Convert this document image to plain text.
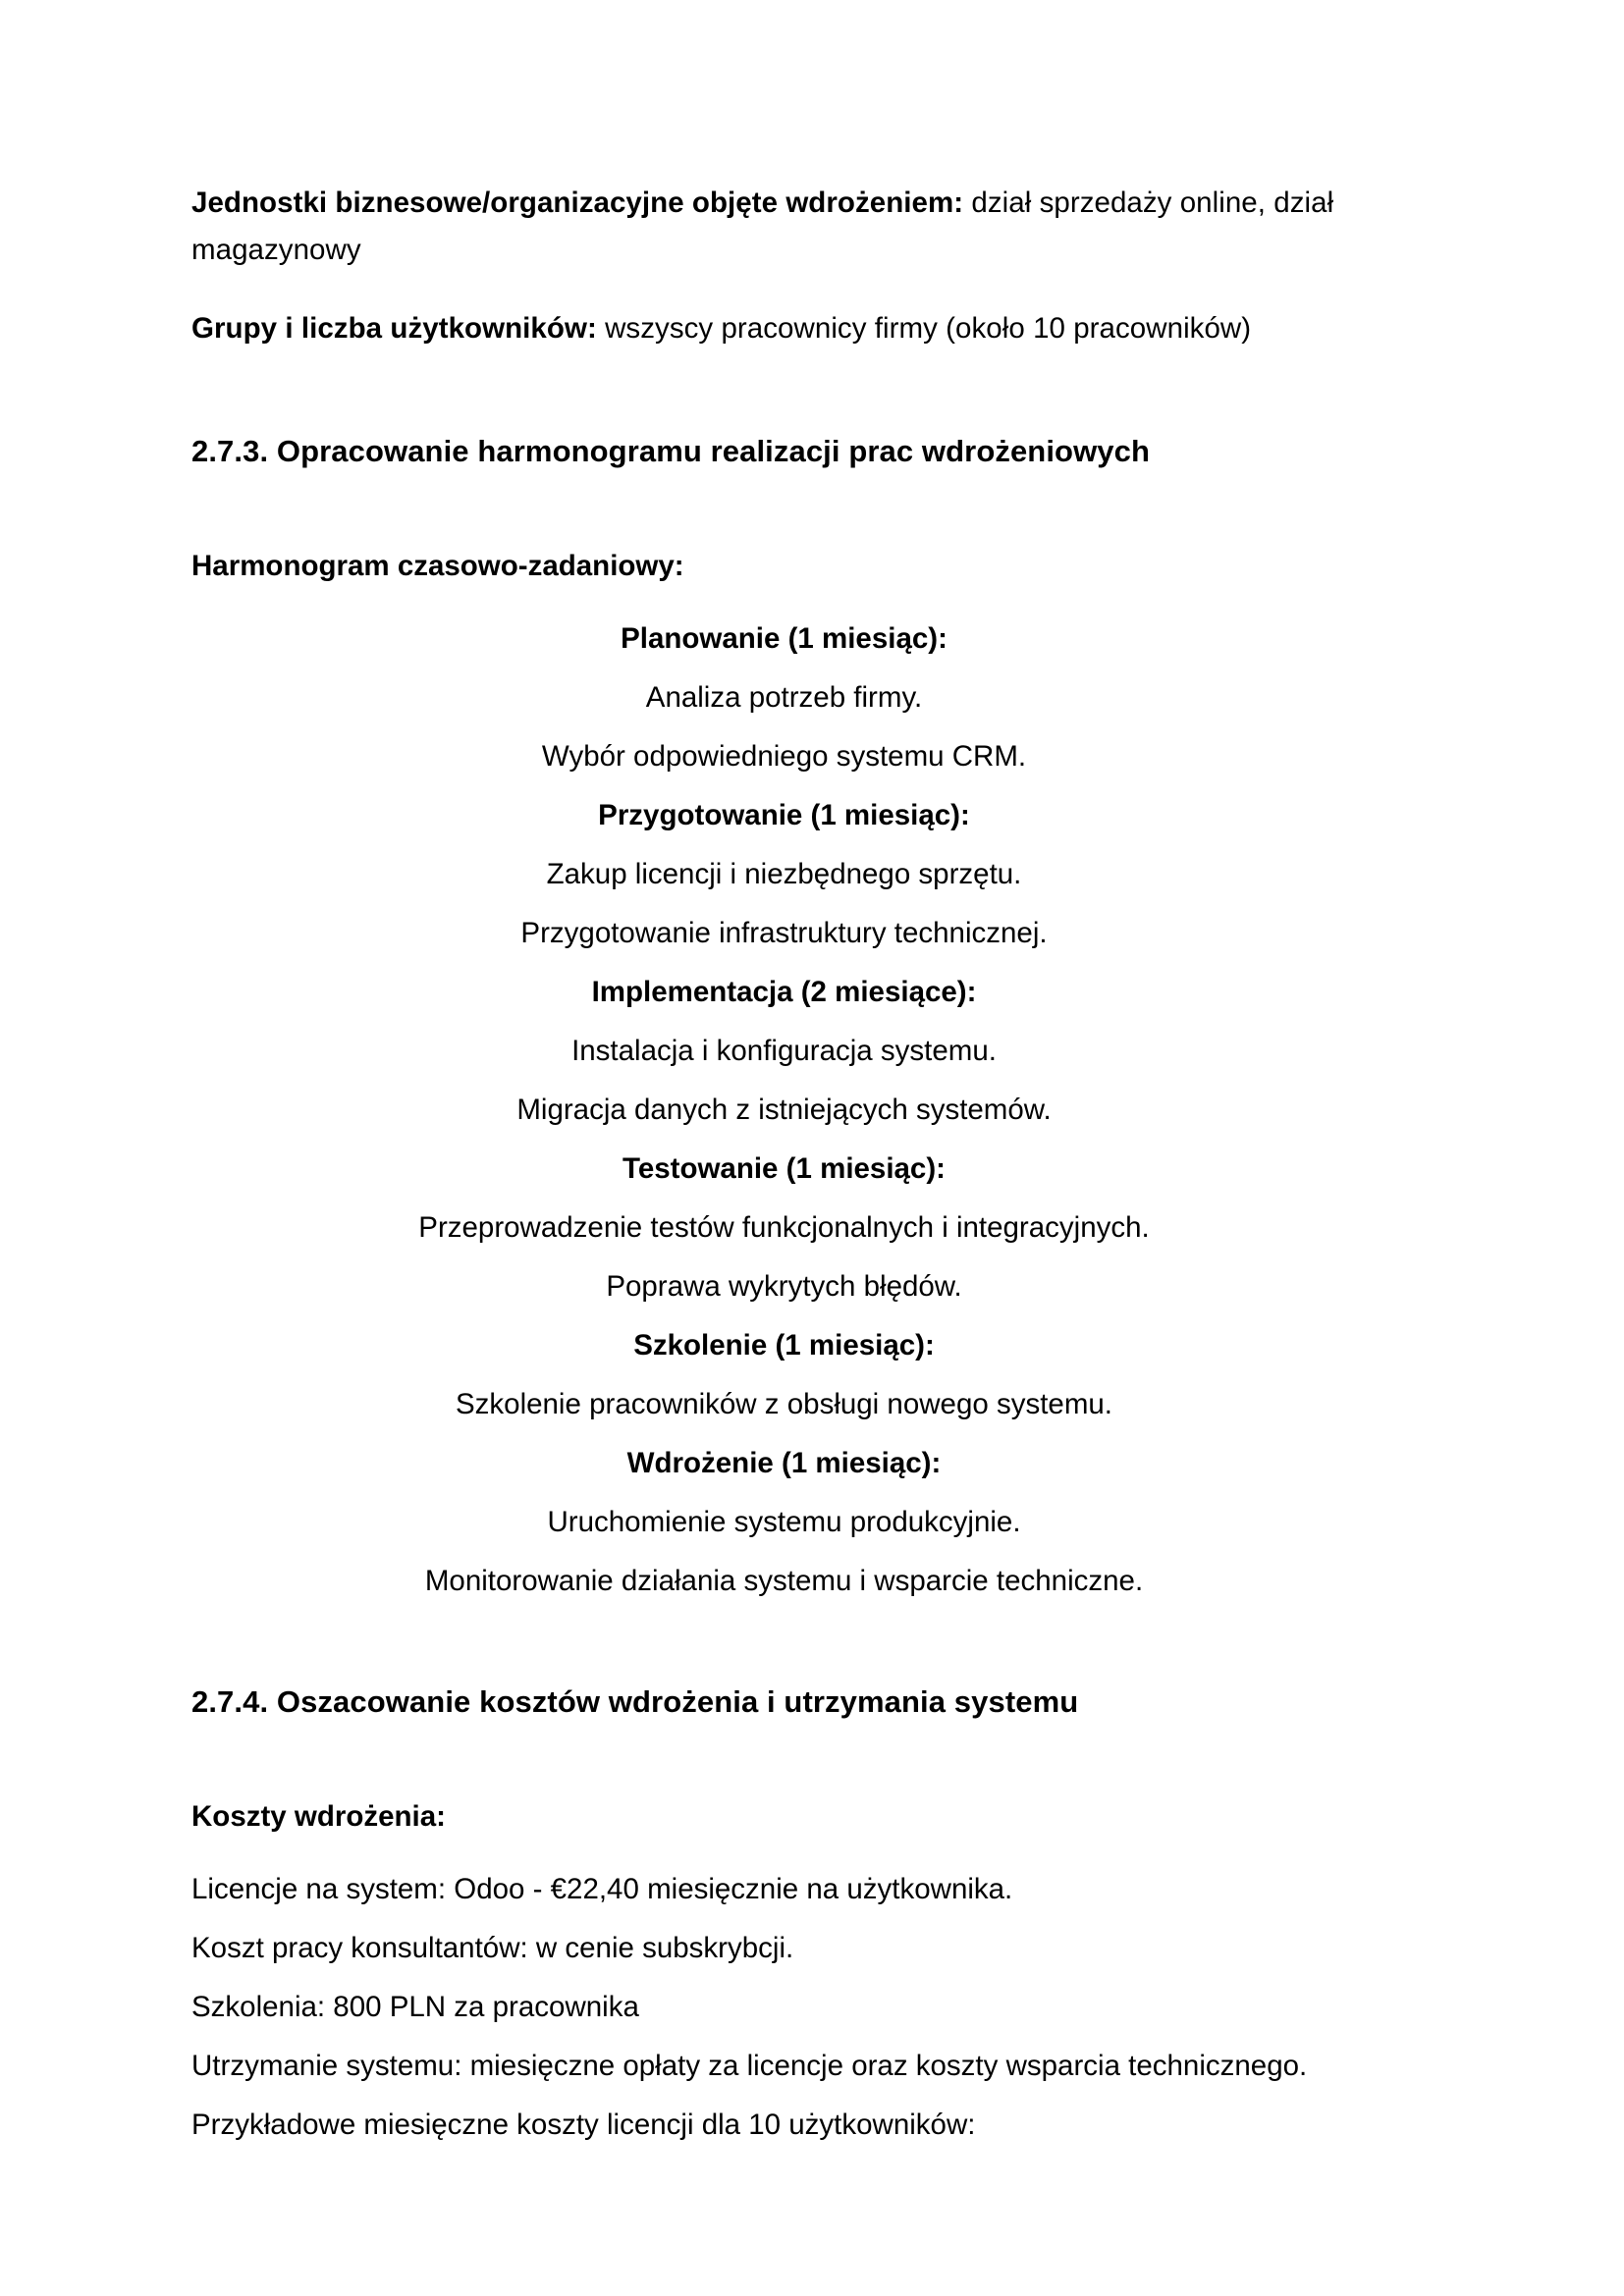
Jednostki biznesowe/organizacyjne objęte wdrożeniem: dział sprzedaży online, dział magazynowy

Grupy i liczba użytkowników: wszyscy pracownicy firmy (około 10 pracowników)

2.7.3. Opracowanie harmonogramu realizacji prac wdrożeniowych

Harmonogram czasowo-zadaniowy:

Planowanie (1 miesiąc):

Analiza potrzeb firmy.

Wybór odpowiedniego systemu CRM.

Przygotowanie (1 miesiąc):

Zakup licencji i niezbędnego sprzętu.

Przygotowanie infrastruktury technicznej.

Implementacja (2 miesiące):

Instalacja i konfiguracja systemu.

Migracja danych z istniejących systemów.

Testowanie (1 miesiąc):

Przeprowadzenie testów funkcjonalnych i integracyjnych.

Poprawa wykrytych błędów.

Szkolenie (1 miesiąc):

Szkolenie pracowników z obsługi nowego systemu.

Wdrożenie (1 miesiąc):

Uruchomienie systemu produkcyjnie.

Monitorowanie działania systemu i wsparcie techniczne.

2.7.4. Oszacowanie kosztów wdrożenia i utrzymania systemu

Koszty wdrożenia:

Licencje na system: Odoo - €22,40 miesięcznie na użytkownika.

Koszt pracy konsultantów: w cenie subskrybcji.

Szkolenia: 800 PLN za pracownika

Utrzymanie systemu: miesięczne opłaty za licencje oraz koszty wsparcia technicznego.

Przykładowe miesięczne koszty licencji dla 10 użytkowników:
